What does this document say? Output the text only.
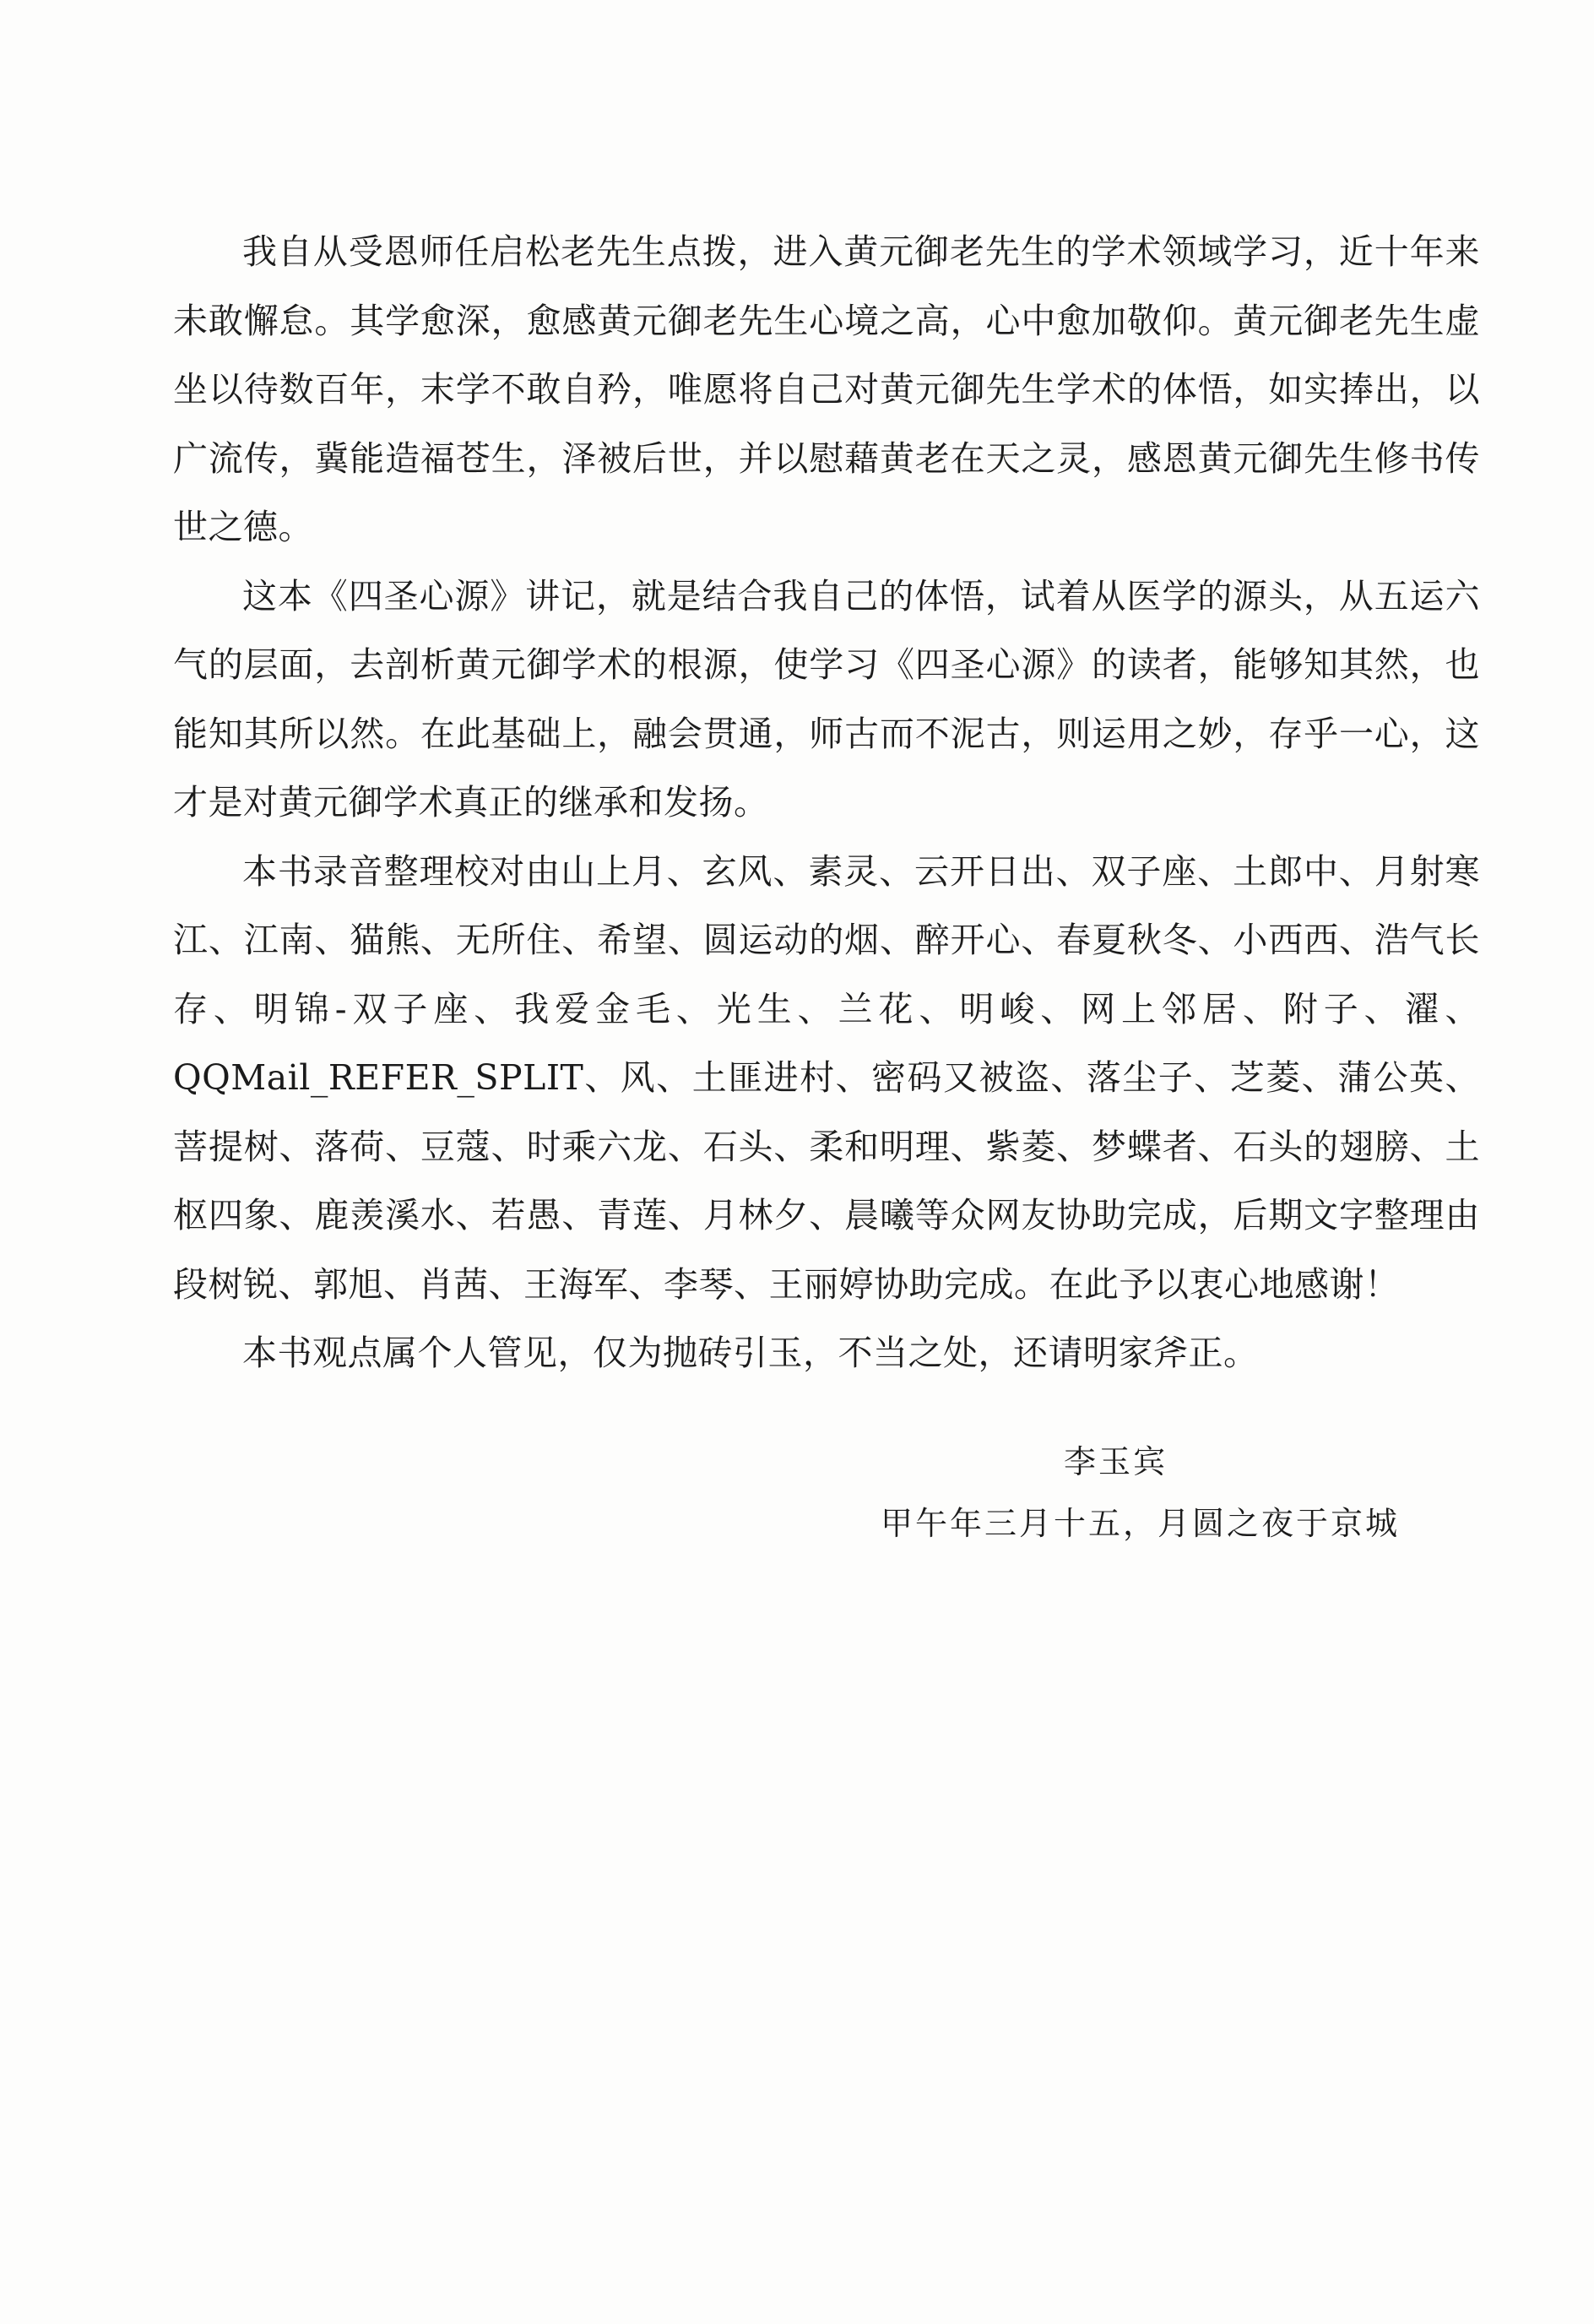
我自从受恩师任启松老先生点拨，进入黄元御老先生的学术领域学习，近十年来未敢懈怠。其学愈深，愈感黄元御老先生心境之高，心中愈加敬仰。黄元御老先生虚坐以待数百年，末学不敢自矜，唯愿将自己对黄元御先生学术的体悟，如实捧出，以广流传，冀能造福苍生，泽被后世，并以慰藉黄老在天之灵，感恩黄元御先生修书传世之德。

这本《四圣心源》讲记，就是结合我自己的体悟，试着从医学的源头，从五运六气的层面，去剖析黄元御学术的根源，使学习《四圣心源》的读者，能够知其然，也能知其所以然。在此基础上，融会贯通，师古而不泥古，则运用之妙，存乎一心，这才是对黄元御学术真正的继承和发扬。

本书录音整理校对由山上月、玄风、素灵、云开日出、双子座、土郎中、月射寒江、江南、猫熊、无所住、希望、圆运动的烟、醉开心、春夏秋冬、小西西、浩气长存、明锦-双子座、我爱金毛、光生、兰花、明峻、网上邻居、附子、濯、QQMail_REFER_SPLIT、风、土匪进村、密码又被盗、落尘子、芝菱、蒲公英、菩提树、落荷、豆蔻、时乘六龙、石头、柔和明理、紫菱、梦蝶者、石头的翅膀、土枢四象、鹿羡溪水、若愚、青莲、月林夕、晨曦等众网友协助完成，后期文字整理由段树锐、郭旭、肖茜、王海军、李琴、王丽婷协助完成。在此予以衷心地感谢！

本书观点属个人管见，仅为抛砖引玉，不当之处，还请明家斧正。

李玉宾
甲午年三月十五，月圆之夜于京城
